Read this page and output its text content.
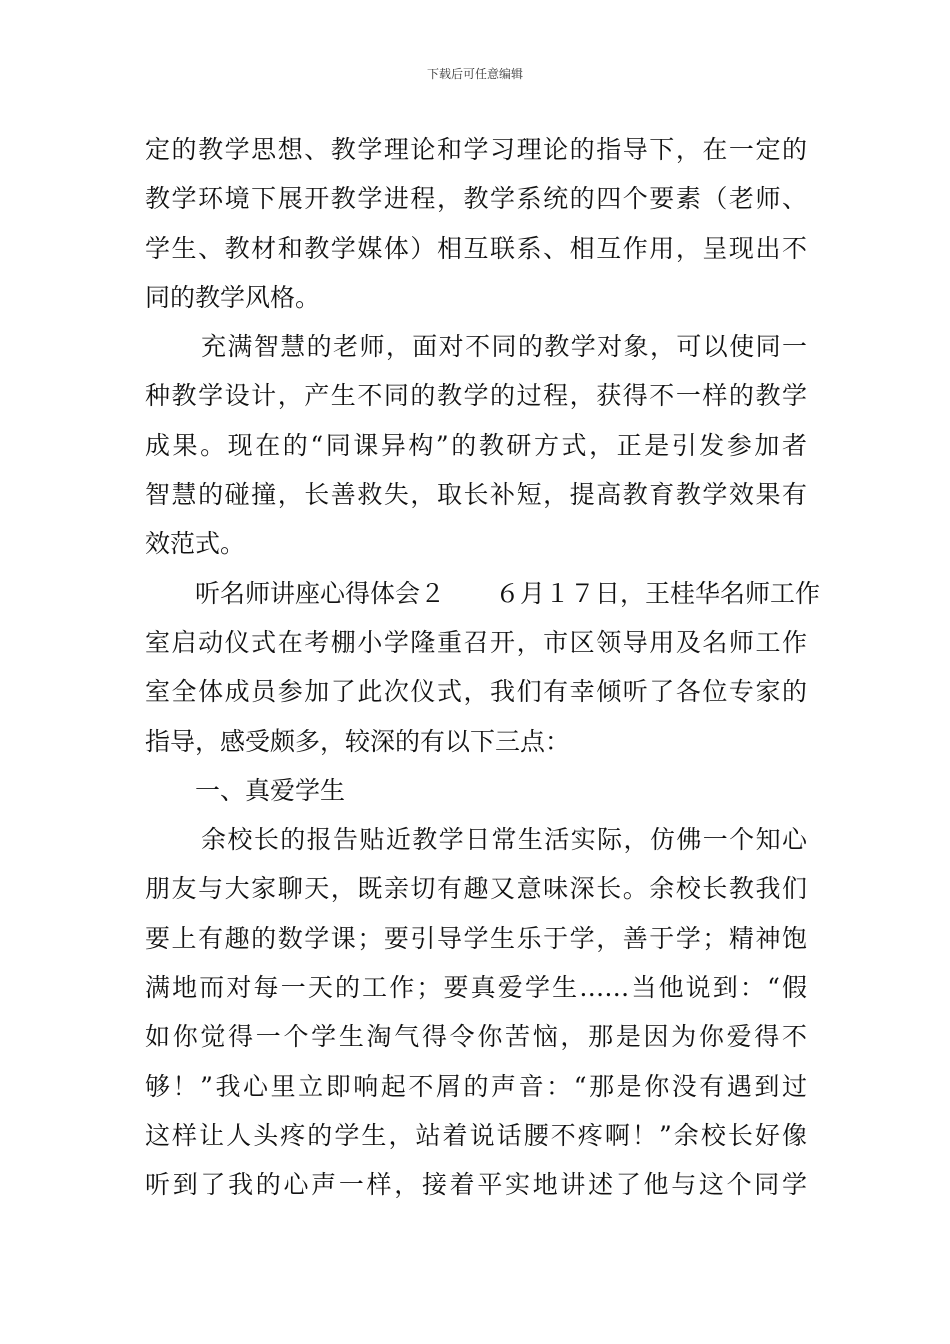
下载后可任意编辑
定的教学思想、教学理论和学习理论的指导下，在一定的
教学环境下展开教学进程，教学系统的四个要素（老师、
学生、教材和教学媒体）相互联系、相互作用，呈现出不
同的教学风格。
充满智慧的老师，面对不同的教学对象，可以使同一
种教学设计，产生不同的教学的过程，获得不一样的教学
成果。现在的“同课异构”的教研方式，正是引发参加者
智慧的碰撞，长善救失，取长补短，提高教育教学效果有
效范式。
听名师讲座心得体会２　　６月１７日，王桂华名师工作
室启动仪式在考棚小学隆重召开，市区领导用及名师工作
室全体成员参加了此次仪式，我们有幸倾听了各位专家的
指导，感受颇多，较深的有以下三点：
一、真爱学生
余校长的报告贴近教学日常生活实际，仿佛一个知心
朋友与大家聊天，既亲切有趣又意味深长。余校长教我们
要上有趣的数学课；要引导学生乐于学，善于学；精神饱
满地而对每一天的工作；要真爱学生……当他说到：“假
如你觉得一个学生淘气得令你苦恼，那是因为你爱得不
够！”我心里立即响起不屑的声音：“那是你没有遇到过
这样让人头疼的学生，站着说话腰不疼啊！”余校长好像
听到了我的心声一样，接着平实地讲述了他与这个同学
